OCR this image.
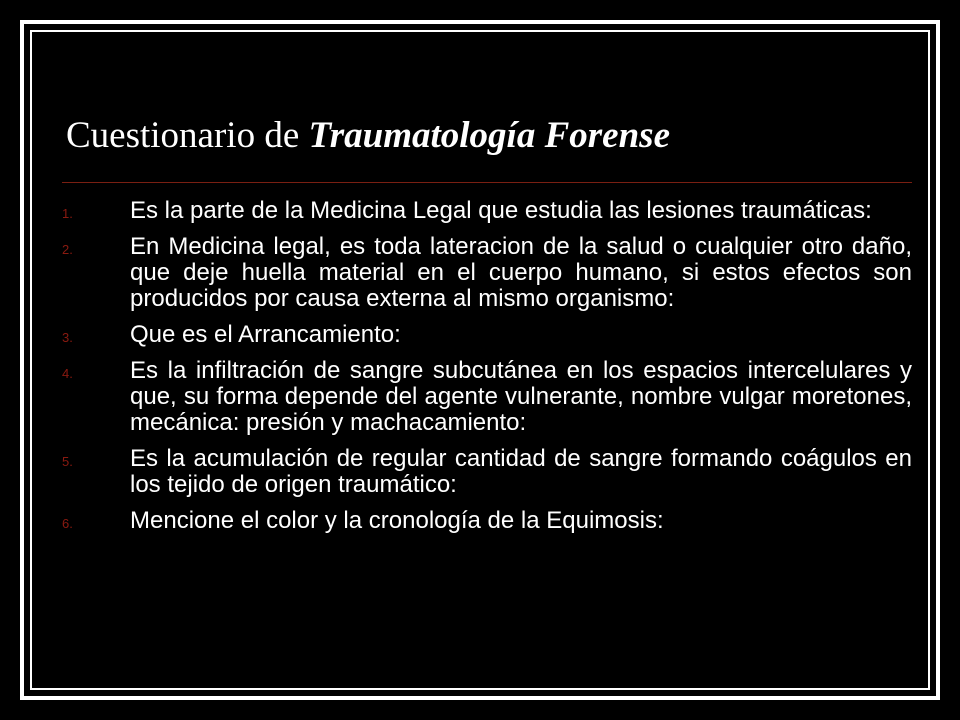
Cuestionario de Traumatología Forense
1.	Es la parte de la Medicina Legal que estudia las lesiones traumáticas:
2.	En Medicina legal, es toda lateracion de la salud o cualquier otro daño, que deje huella material en el cuerpo humano, si estos efectos son producidos por causa externa al mismo organismo:
3.	Que es el Arrancamiento:
4.	Es la infiltración de sangre subcutánea en los espacios intercelulares y que, su forma depende del agente vulnerante, nombre vulgar moretones, mecánica: presión y machacamiento:
5.	Es la acumulación de regular cantidad de sangre formando coágulos en los tejido de origen traumático:
6.	Mencione el color y la cronología de la Equimosis:
